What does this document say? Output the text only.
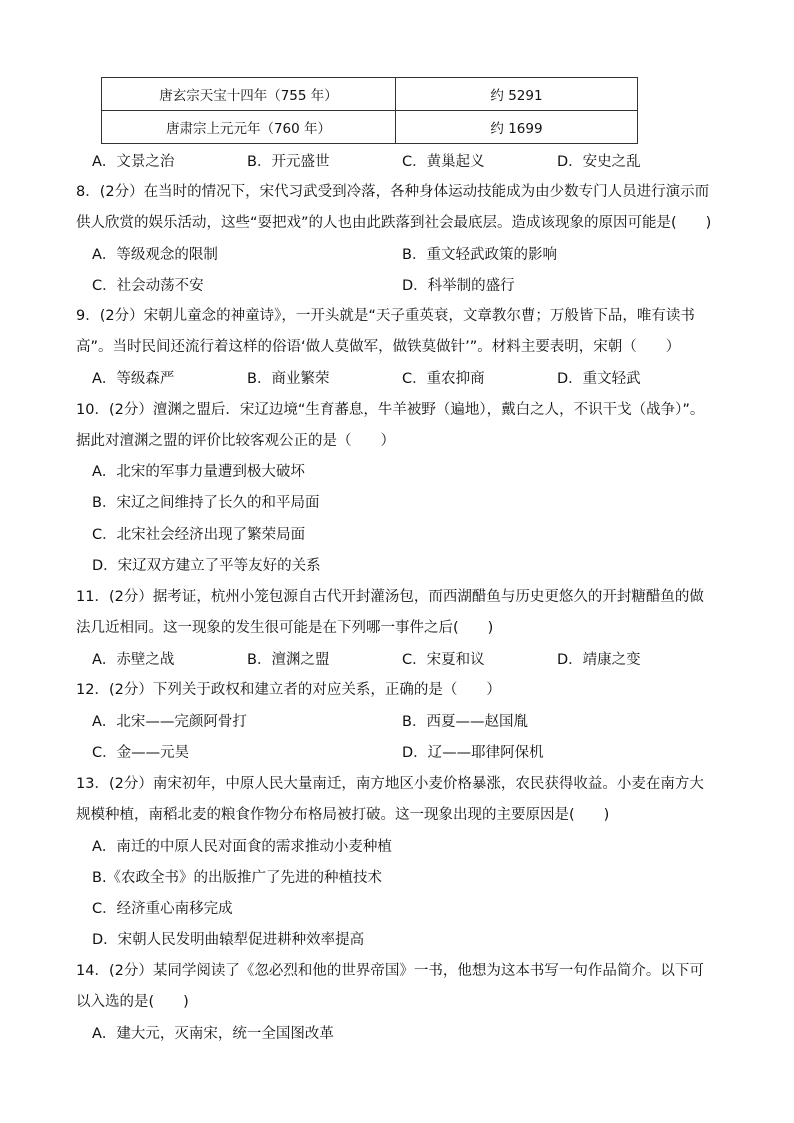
唐玄宗天宝十四年（755 年）	约 5291
唐肃宗上元元年（760 年）	约 1699
A．文景之治	B．开元盛世	C．黄巢起义	D．安史之乱
8．(2分）在当时的情况下，宋代习武受到冷落，各种身体运动技能成为由少数专门人员进行演示而
供人欣赏的娱乐活动，这些“耍把戏”的人也由此跌落到社会最底层。造成该现象的原因可能是(　　)
A．等级观念的限制	B．重文轻武政策的影响
C．社会动荡不安	D．科举制的盛行
9．(2分）宋朝儿童念的神童诗》，一开头就是“天子重英衰，文章教尔曹；万般皆下品，唯有读书
高”。当时民间还流行着这样的俗语‘做人莫做军，做铁莫做针’”。材料主要表明，宋朝（　　）
A．等级森严	B．商业繁荣	C．重农抑商	D．重文轻武
10．(2分）澶渊之盟后．宋辽边境“生育蕃息，牛羊被野（遍地），戴白之人，不识干戈（战争）”。
据此对澶渊之盟的评价比较客观公正的是（　　）
A．北宋的军事力量遭到极大破坏
B．宋辽之间维持了长久的和平局面
C．北宋社会经济出现了繁荣局面
D．宋辽双方建立了平等友好的关系
11．(2分）据考证，杭州小笼包源自古代开封灌汤包，而西湖醋鱼与历史更悠久的开封糖醋鱼的做
法几近相同。这一现象的发生很可能是在下列哪一事件之后(　　)
A．赤壁之战	B．澶渊之盟	C．宋夏和议	D．靖康之变
12．(2分）下列关于政权和建立者的对应关系，正确的是（　　）
A．北宋——完颜阿骨打	B．西夏——赵国胤
C．金——元昊	D．辽——耶律阿保机
13．(2分）南宋初年，中原人民大量南迁，南方地区小麦价格暴涨，农民获得收益。小麦在南方大
规模种植，南稻北麦的粮食作物分布格局被打破。这一现象出现的主要原因是(　　)
A．南迁的中原人民对面食的需求推动小麦种植
B.《农政全书》的出版推广了先进的种植技术
C．经济重心南移完成
D．宋朝人民发明曲辕犁促进耕种效率提高
14．(2分）某同学阅读了《忽必烈和他的世界帝国》一书，他想为这本书写一句作品简介。以下可
以入选的是(　　)
A．建大元，灭南宋，统一全国图改革
